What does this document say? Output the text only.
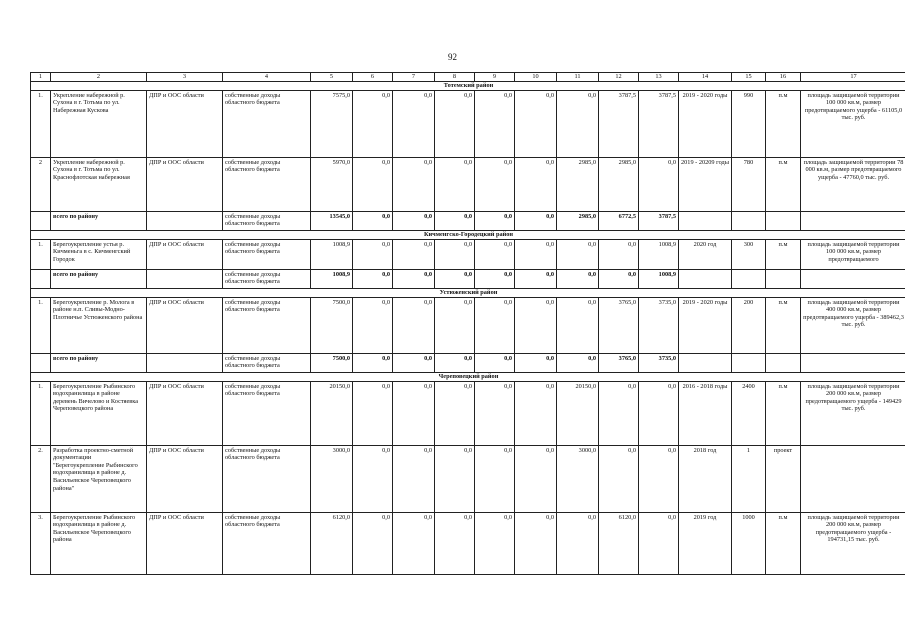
92
1	2	3	4	5	6	7	8	9	10	11	12	13	14	15	16	17
Тотемский район																
1.	Укрепление набережной р. Сухона в г. Тотьма по ул. Набережная Кускова	ДПР и ООС области	собственные доходы областного бюджета	7575,0	0,0	0,0	0,0	0,0	0,0	0,0	3787,5	3787,5	2019 - 2020 годы	990	п.м	площадь защищаемой территории 100 000 кв.м, размер предотвращаемого ущерба - 61105,0 тыс. руб.
2	Укрепление набережной р. Сухона в г. Тотьма по ул. Краснофлотская набережная	ДПР и ООС области	собственные доходы областного бюджета	5970,0	0,0	0,0	0,0	0,0	0,0	2985,0	2985,0	0,0	2019 - 20209 годы	780	п.м	площадь защищаемой территории 78 000 кв.м, размер предотвращаемого ущерба - 47760,0 тыс. руб.
	всего по району		собственные доходы областного бюджета	13545,0	0,0	0,0	0,0	0,0	0,0	2985,0	6772,5	3787,5				
Кичменгско-Городецкий район																
1.	Берегоукрепление устья р. Кичменьга в с. Кичменгский Городок	ДПР и ООС области	собственные доходы областного бюджета	1008,9	0,0	0,0	0,0	0,0	0,0	0,0	0,0	1008,9	2020 год	300	п.м	площадь защищаемой территории 100 000 кв.м, размер предотвращаемого
	всего по району		собственные доходы областного бюджета	1008,9	0,0	0,0	0,0	0,0	0,0	0,0	0,0	1008,9				
Устюженский район																
1.	Берегоукрепление р. Молога в районе н.п. Сливы-Модно-Плотничье Устюженского района	ДПР и ООС области	собственные доходы областного бюджета	7500,0	0,0	0,0	0,0	0,0	0,0	0,0	3765,0	3735,0	2019 - 2020 годы	200	п.м	площадь защищаемой территории 400 000 кв.м, размер предотвращаемого ущерба - 389462,3 тыс. руб.
	всего по району		собственные доходы областного бюджета	7500,0	0,0	0,0	0,0	0,0	0,0	0,0	3765,0	3735,0				
Череповецкий район																
1.	Берегоукрепление Рыбинского водохранилища в районе деревень Вичелово и Костяевка Череповецкого района	ДПР и ООС области	собственные доходы областного бюджета	20150,0	0,0	0,0	0,0	0,0	0,0	20150,0	0,0	0,0	2016 - 2018 годы	2400	п.м	площадь защищаемой территории 200 000 кв.м, размер предотвращаемого ущерба - 149429 тыс. руб.
2.	Разработка проектно-сметной документации "Берегоукрепление Рыбинского водохранилища в районе д. Васильевское Череповецкого района"	ДПР и ООС области	собственные доходы областного бюджета	3000,0	0,0	0,0	0,0	0,0	0,0	3000,0	0,0	0,0	2018 год	1	проект	
3.	Берегоукрепление Рыбинского водохранилища в районе д. Васильевское Череповецкого района	ДПР и ООС области	собственные доходы областного бюджета	6120,0	0,0	0,0	0,0	0,0	0,0	0,0	6120,0	0,0	2019 год	1000	п.м	площадь защищаемой территории 200 000 кв.м, размер предотвращаемого ущерба - 194731,15 тыс. руб.
